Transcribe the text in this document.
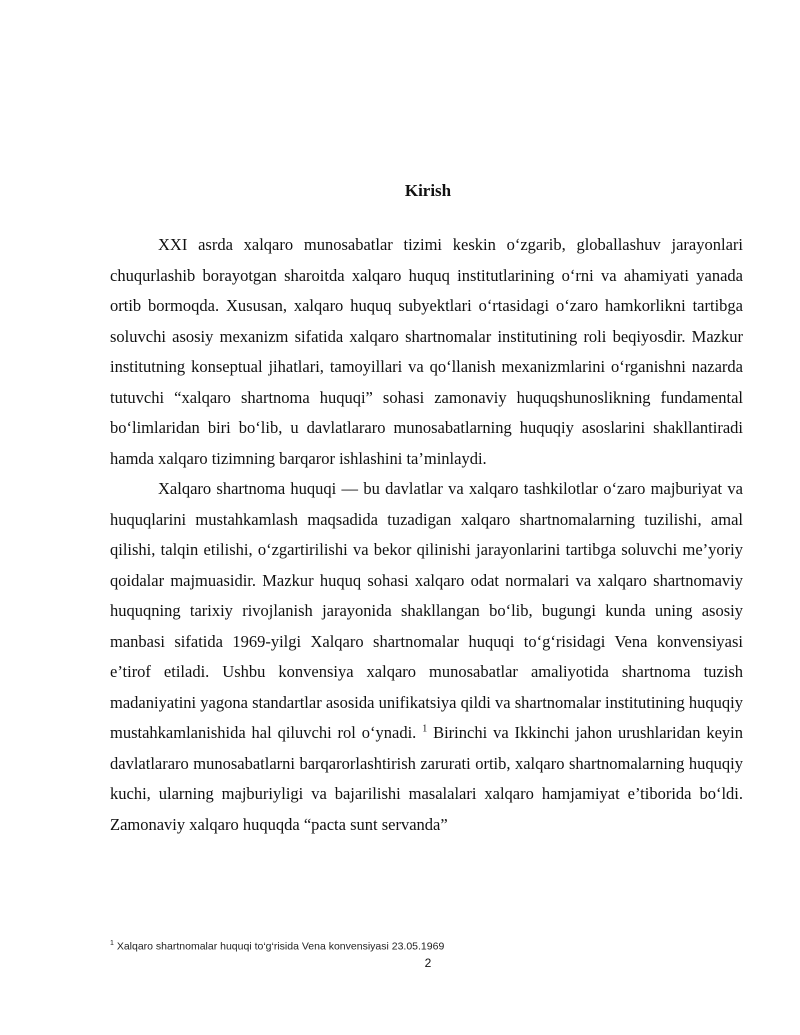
Kirish

XXI asrda xalqaro munosabatlar tizimi keskin o‘zgarib, globallashuv jarayonlari chuqurlashib borayotgan sharoitda xalqaro huquq institutlarining o‘rni va ahamiyati yanada ortib bormoqda. Xususan, xalqaro huquq subyektlari o‘rtasidagi o‘zaro hamkorlikni tartibga soluvchi asosiy mexanizm sifatida xalqaro shartnomalar institutining roli beqiyosdir. Mazkur institutning konseptual jihatlari, tamoyillari va qo‘llanish mexanizmlarini o‘rganishni nazarda tutuvchi “xalqaro shartnoma huquqi” sohasi zamonaviy huquqshunoslikning fundamental bo‘limlaridan biri bo‘lib, u davlatlararo munosabatlarning huquqiy asoslarini shakllantiradi hamda xalqaro tizimning barqaror ishlashini ta’minlaydi.

Xalqaro shartnoma huquqi — bu davlatlar va xalqaro tashkilotlar o‘zaro majburiyat va huquqlarini mustahkamlash maqsadida tuzadigan xalqaro shartnomalarning tuzilishi, amal qilishi, talqin etilishi, o‘zgartirilishi va bekor qilinishi jarayonlarini tartibga soluvchi me’yoriy qoidalar majmuasidir. Mazkur huquq sohasi xalqaro odat normalari va xalqaro shartnomaviy huquqning tarixiy rivojlanish jarayonida shakllangan bo‘lib, bugungi kunda uning asosiy manbasi sifatida 1969-yilgi Xalqaro shartnomalar huquqi to‘g‘risidagi Vena konvensiyasi e’tirof etiladi. Ushbu konvensiya xalqaro munosabatlar amaliyotida shartnoma tuzish madaniyatini yagona standartlar asosida unifikatsiya qildi va shartnomalar institutining huquqiy mustahkamlanishida hal qiluvchi rol o‘ynadi. $^1$ Birinchi va Ikkinchi jahon urushlaridan keyin davlatlararo munosabatlarni barqarorlashtirish zarurati ortib, xalqaro shartnomalarning huquqiy kuchi, ularning majburiyligi va bajarilishi masalalari xalqaro hamjamiyat e’tiborida bo‘ldi. Zamonaviy xalqaro huquqda “pacta sunt servanda”

$^1$ Xalqaro shartnomalar huquqi to‘g‘risida Vena konvensiyasi 23.05.1969

2
